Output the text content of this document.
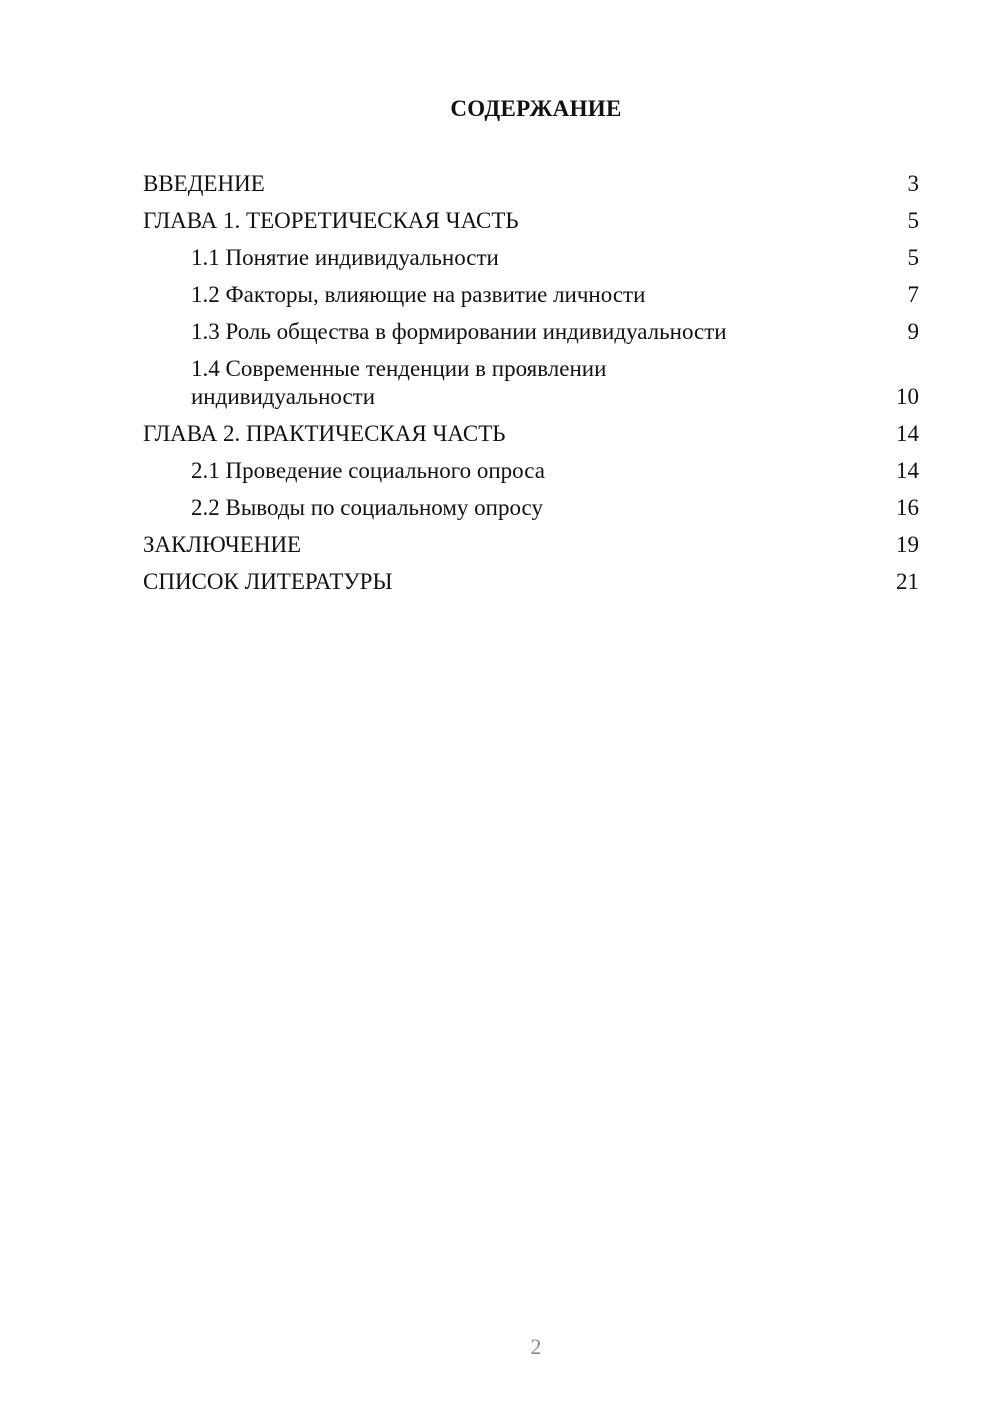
СОДЕРЖАНИЕ
ВВЕДЕНИЕ	3
ГЛАВА 1. ТЕОРЕТИЧЕСКАЯ ЧАСТЬ	5
1.1 Понятие индивидуальности	5
1.2 Факторы, влияющие на развитие личности	7
1.3 Роль общества в формировании индивидуальности	9
1.4 Современные тенденции в проявлении индивидуальности	10
ГЛАВА 2. ПРАКТИЧЕСКАЯ ЧАСТЬ	14
2.1 Проведение социального опроса	14
2.2 Выводы по социальному опросу	16
ЗАКЛЮЧЕНИЕ	19
СПИСОК ЛИТЕРАТУРЫ	21
2
